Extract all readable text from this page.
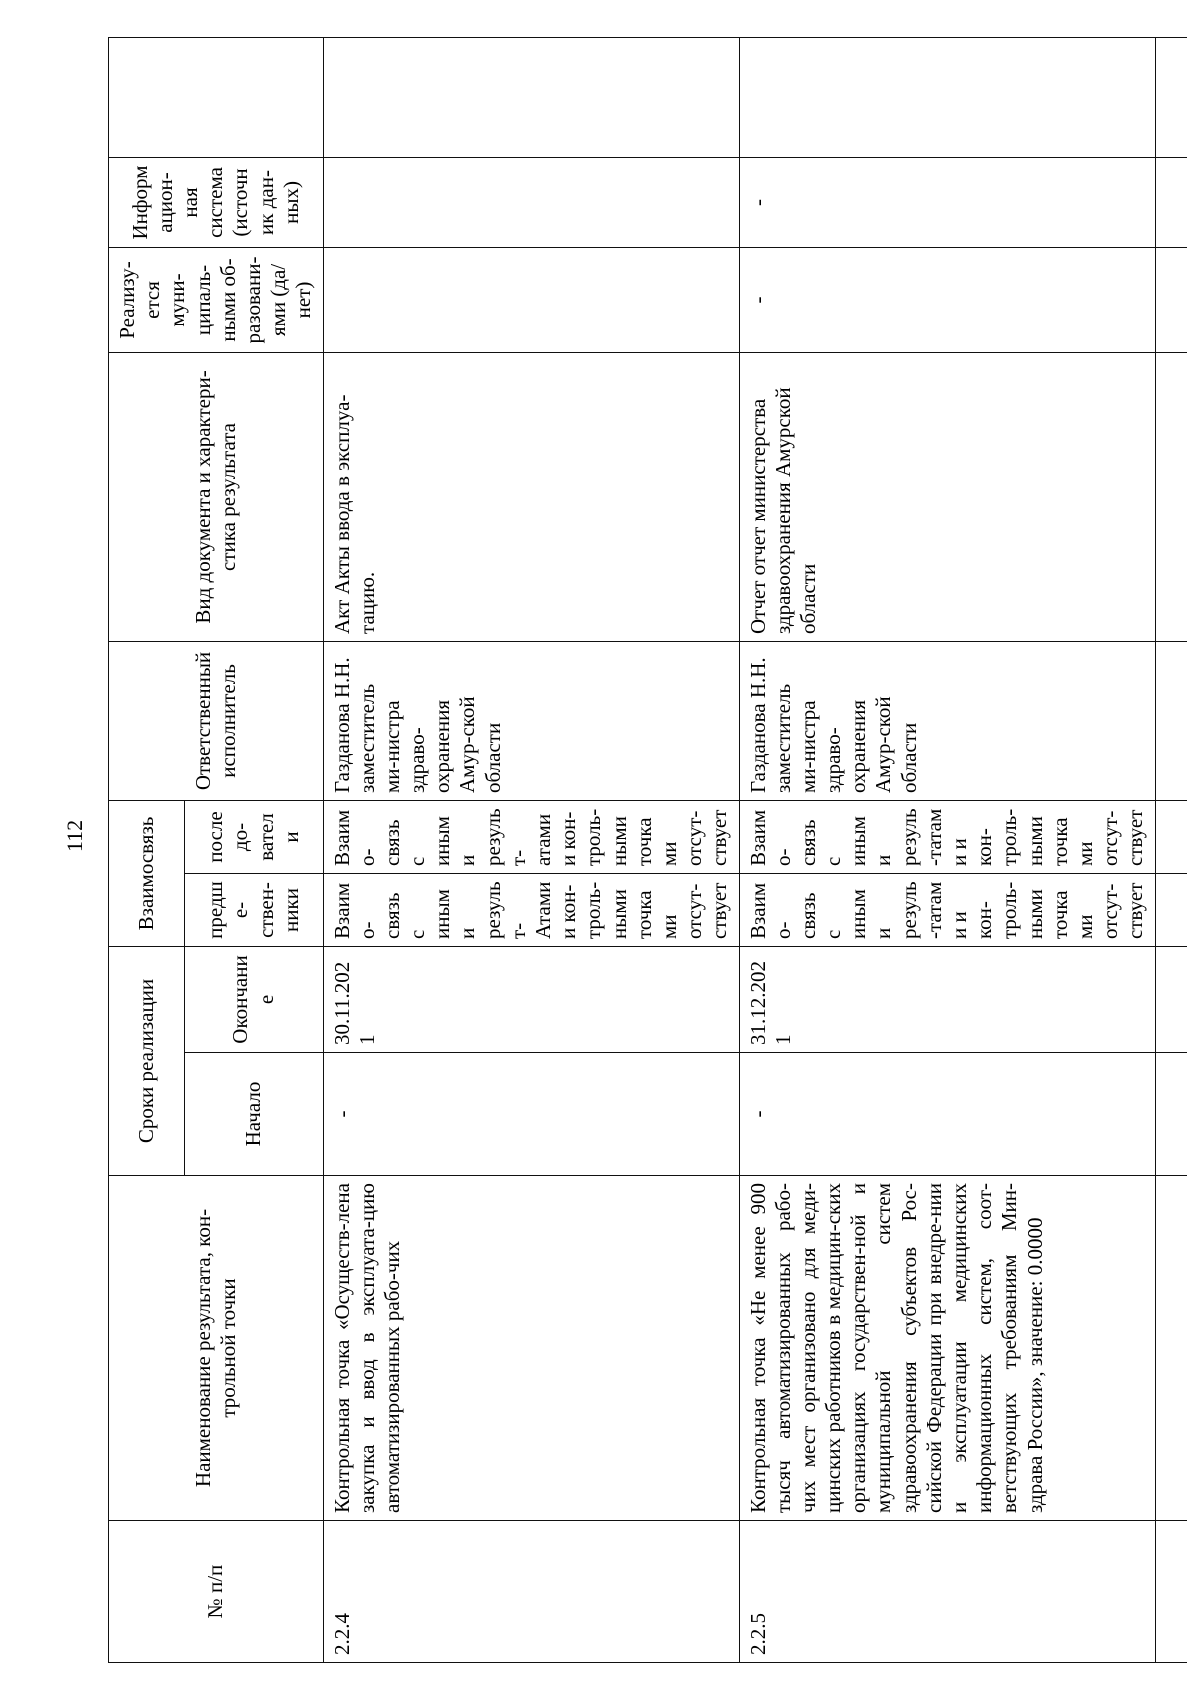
112
№ п/п	Наименование результата, кон-трольной точки	Сроки реализации		Взаимосвязь		Ответственный исполнитель	Вид документа и характери-стика результата	Реализу-ется муни-ципаль-ными об-разовани-ями (да/нет)	Информацион-ная система (источник дан-ных)	
		Начало	Окончание	предше-ствен-ники	последо-ватели					
2.2.4	Контрольная точка «Осуществ-лена закупка и ввод в эксплуата-цию автоматизированных рабо-чих	-	30.11.2021	Взаимо-связь с иными результ-Атами и кон-троль-ными точками отсут-ствует	Взаимо-связь с иными результ-атами и кон-троль-ными точками отсут-ствует	Газданова Н.Н. заместитель ми-нистра здраво-охранения Амур-ской области	Акт Акты ввода в эксплуа-тацию.			
2.2.5	Контрольная точка «Не менее 900 тысяч автоматизированных рабо-чих мест организовано для меди-цинских работников в медицин-ских организациях государствен-ной и муниципальной систем здравоохранения субъектов Рос-сийской Федерации при внедре-нии и эксплуатации медицинских информационных систем, соот-ветствующих требованиям Мин-здрава России», значение: 0.0000	-	31.12.2021	Взаимо-связь с иными резуль-татами и кон-троль-ными точками отсут-ствует	Взаимо-связь с иными резуль-татами и кон-троль-ными точками отсут-ствует	Газданова Н.Н. заместитель ми-нистра здраво-охранения Амур-ской области	Отчет отчет министерства здравоохранения Амурской области	-	-	
